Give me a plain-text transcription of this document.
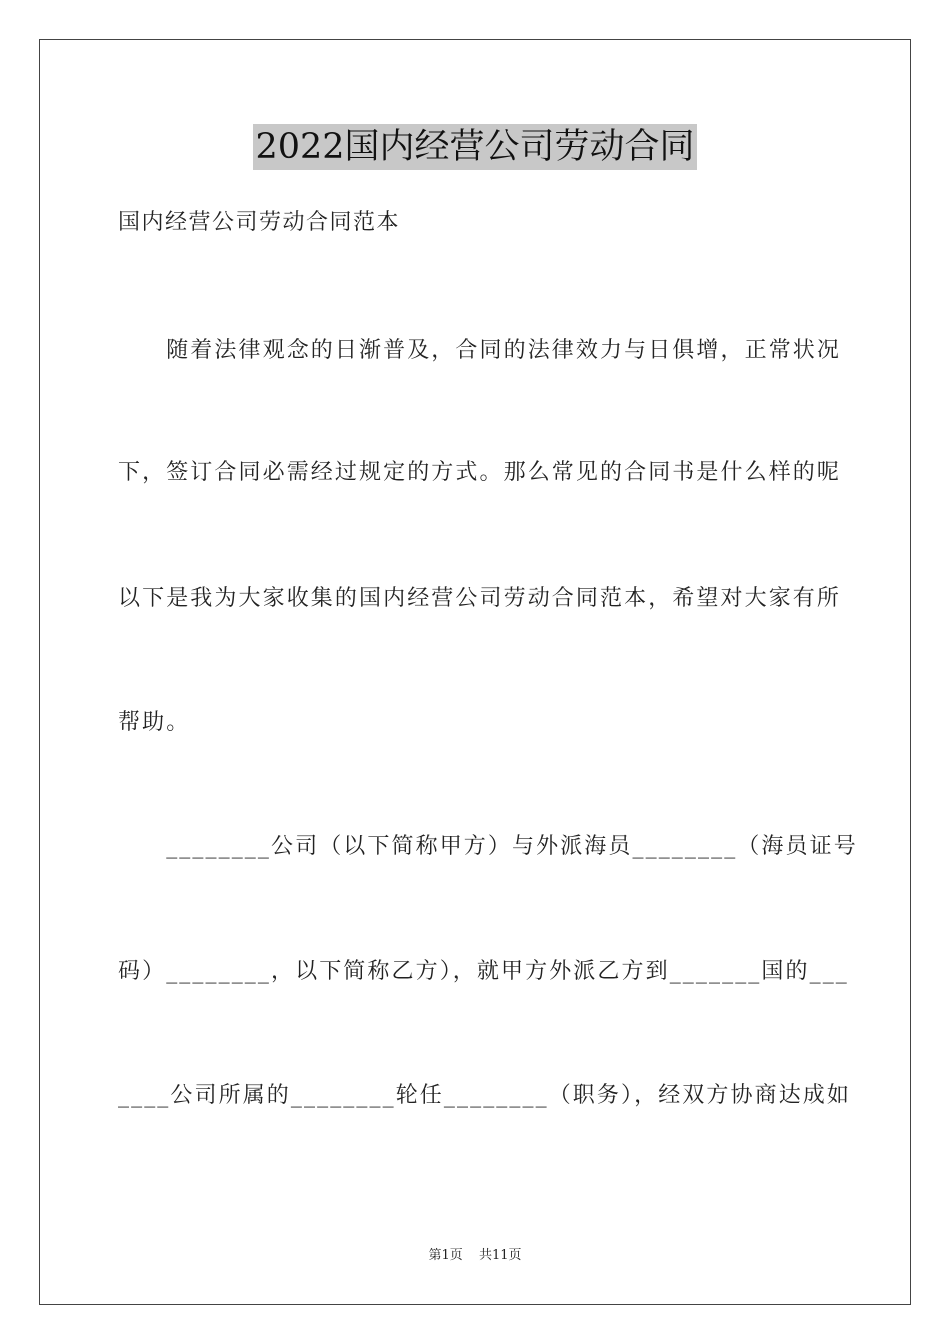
2022国内经营公司劳动合同
国内经营公司劳动合同范本
　　随着法律观念的日渐普及，合同的法律效力与日俱增，正常状况
下，签订合同必需经过规定的方式。那么常见的合同书是什么样的呢
以下是我为大家收集的国内经营公司劳动合同范本，希望对大家有所
帮助。
　　________公司（以下简称甲方）与外派海员________（海员证号
码）________，以下简称乙方），就甲方外派乙方到_______国的___
____公司所属的________轮任________（职务），经双方协商达成如
第1页 共11页
